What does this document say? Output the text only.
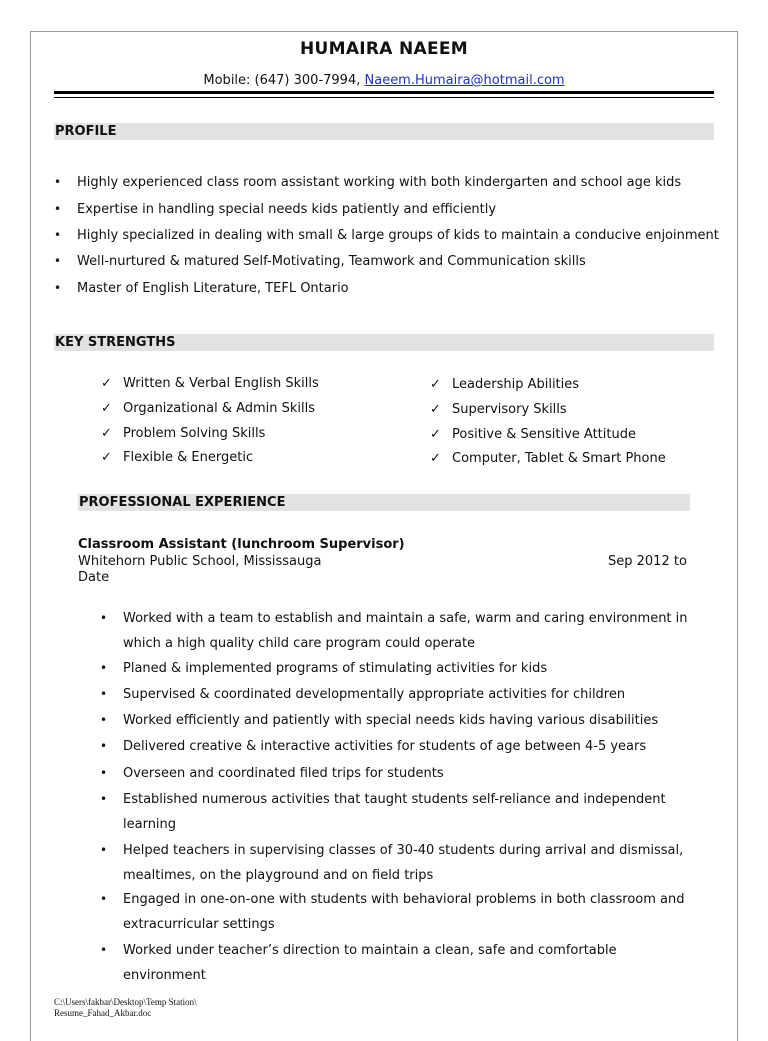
HUMAIRA NAEEM
Mobile: (647) 300-7994, Naeem.Humaira@hotmail.com
PROFILE
• Highly experienced class room assistant working with both kindergarten and school age kids
• Expertise in handling special needs kids patiently and efficiently
• Highly specialized in dealing with small & large groups of kids to maintain a conducive enjoinment
• Well-nurtured & matured Self-Motivating, Teamwork and Communication skills
• Master of English Literature, TEFL Ontario
KEY STRENGTHS
✓ Written & Verbal English Skills
✓ Organizational & Admin Skills
✓ Problem Solving Skills
✓ Flexible & Energetic
✓ Leadership Abilities
✓ Supervisory Skills
✓ Positive & Sensitive Attitude
✓ Computer, Tablet & Smart Phone
PROFESSIONAL EXPERIENCE
Classroom Assistant (lunchroom Supervisor)
Whitehorn Public School, Mississauga	Sep 2012 to
Date
• Worked with a team to establish and maintain a safe, warm and caring environment in
which a high quality child care program could operate
• Planed & implemented programs of stimulating activities for kids
• Supervised & coordinated developmentally appropriate activities for children
• Worked efficiently and patiently with special needs kids having various disabilities
• Delivered creative & interactive activities for students of age between 4-5 years
• Overseen and coordinated filed trips for students
• Established numerous activities that taught students self-reliance and independent
learning
• Helped teachers in supervising classes of 30-40 students during arrival and dismissal,
mealtimes, on the playground and on field trips
• Engaged in one-on-one with students with behavioral problems in both classroom and
extracurricular settings
• Worked under teacher’s direction to maintain a clean, safe and comfortable environment
C:\Users\fakbar\Desktop\Temp Station\
Resume_Fahad_Akbar.doc
